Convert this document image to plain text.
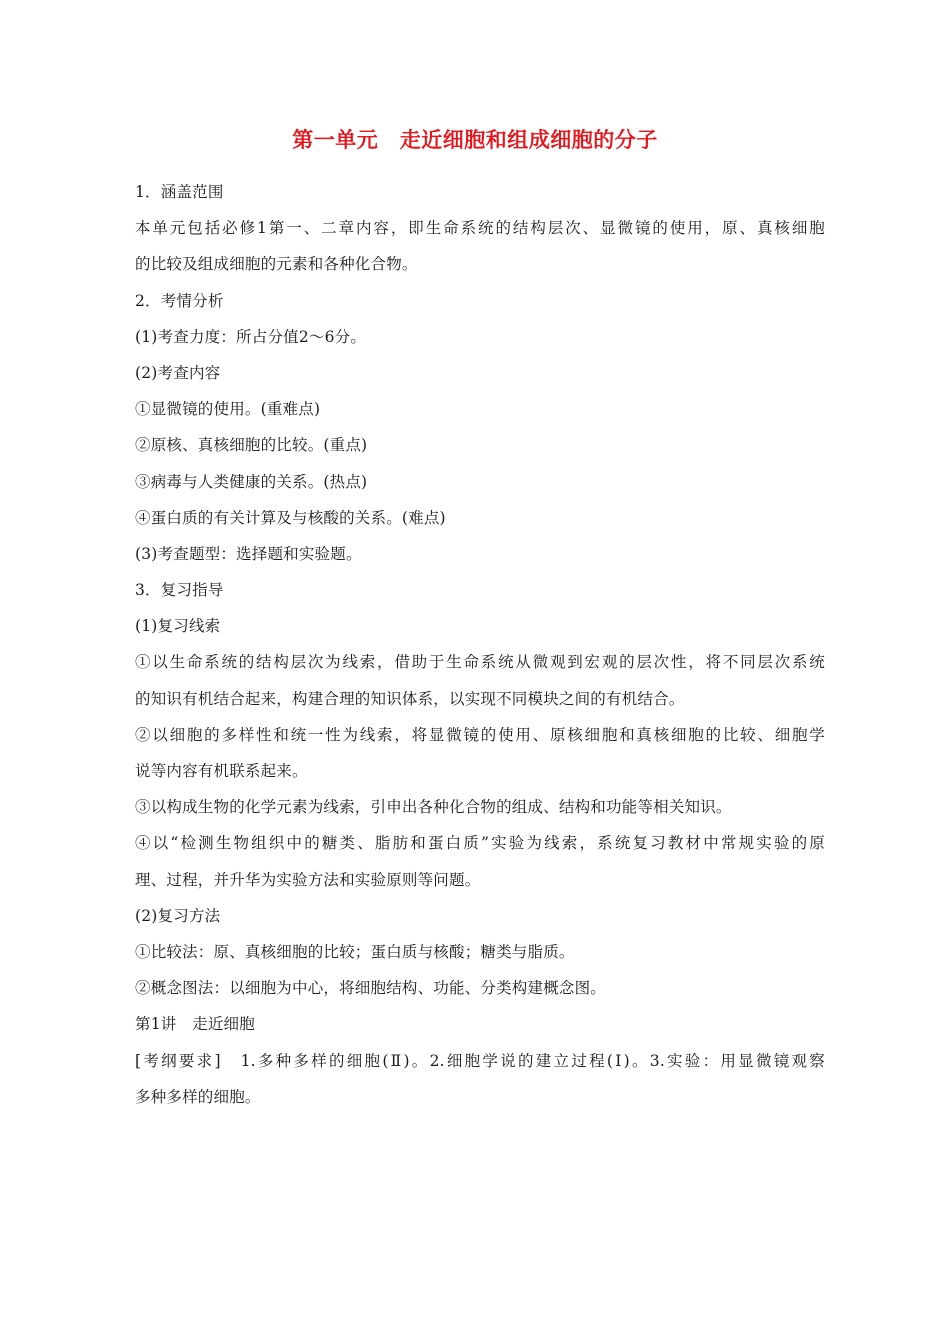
第一单元　走近细胞和组成细胞的分子
1．涵盖范围
本单元包括必修1第一、二章内容，即生命系统的结构层次、显微镜的使用，原、真核细胞
的比较及组成细胞的元素和各种化合物。
2．考情分析
(1)考查力度：所占分值2～6分。
(2)考查内容
①显微镜的使用。(重难点)
②原核、真核细胞的比较。(重点)
③病毒与人类健康的关系。(热点)
④蛋白质的有关计算及与核酸的关系。(难点)
(3)考查题型：选择题和实验题。
3．复习指导
(1)复习线索
①以生命系统的结构层次为线索，借助于生命系统从微观到宏观的层次性，将不同层次系统
的知识有机结合起来，构建合理的知识体系，以实现不同模块之间的有机结合。
②以细胞的多样性和统一性为线索，将显微镜的使用、原核细胞和真核细胞的比较、细胞学
说等内容有机联系起来。
③以构成生物的化学元素为线索，引申出各种化合物的组成、结构和功能等相关知识。
④以“检测生物组织中的糖类、脂肪和蛋白质”实验为线索，系统复习教材中常规实验的原
理、过程，并升华为实验方法和实验原则等问题。
(2)复习方法
①比较法：原、真核细胞的比较；蛋白质与核酸；糖类与脂质。
②概念图法：以细胞为中心，将细胞结构、功能、分类构建概念图。
第1讲　走近细胞
[考纲要求]　1.多种多样的细胞(Ⅱ)。2.细胞学说的建立过程(Ⅰ)。3.实验：用显微镜观察
多种多样的细胞。
